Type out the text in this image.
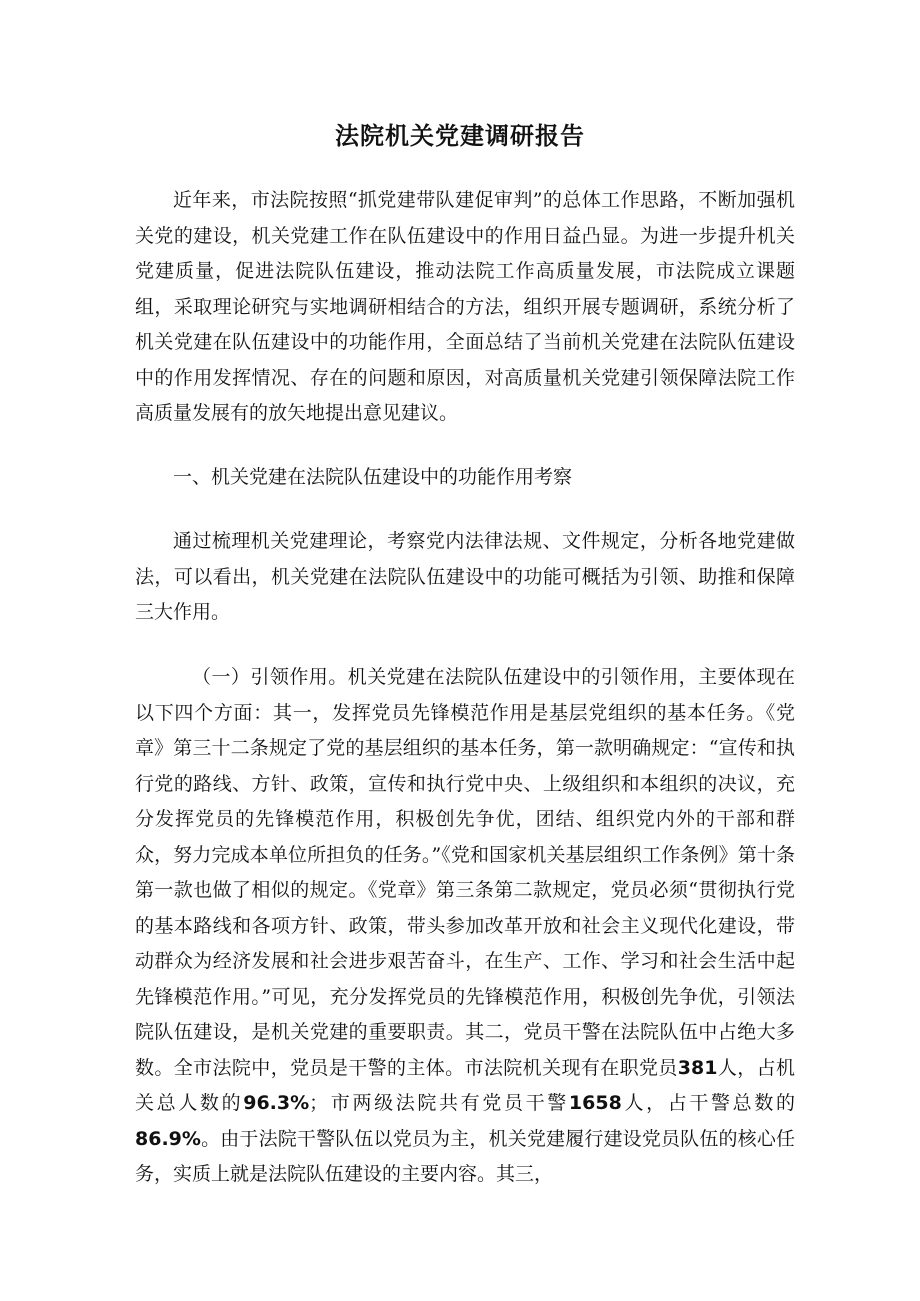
法院机关党建调研报告

近年来，市法院按照“抓党建带队建促审判”的总体工作思路，不断加强机关党的建设，机关党建工作在队伍建设中的作用日益凸显。为进一步提升机关党建质量，促进法院队伍建设，推动法院工作高质量发展，市法院成立课题组，采取理论研究与实地调研相结合的方法，组织开展专题调研，系统分析了机关党建在队伍建设中的功能作用，全面总结了当前机关党建在法院队伍建设中的作用发挥情况、存在的问题和原因，对高质量机关党建引领保障法院工作高质量发展有的放矢地提出意见建议。

一、机关党建在法院队伍建设中的功能作用考察

通过梳理机关党建理论，考察党内法律法规、文件规定，分析各地党建做法，可以看出，机关党建在法院队伍建设中的功能可概括为引领、助推和保障三大作用。

（一）引领作用。机关党建在法院队伍建设中的引领作用，主要体现在以下四个方面：其一，发挥党员先锋模范作用是基层党组织的基本任务。《党章》第三十二条规定了党的基层组织的基本任务，第一款明确规定：“宣传和执行党的路线、方针、政策，宣传和执行党中央、上级组织和本组织的决议，充分发挥党员的先锋模范作用，积极创先争优，团结、组织党内外的干部和群众，努力完成本单位所担负的任务。”《党和国家机关基层组织工作条例》第十条第一款也做了相似的规定。《党章》第三条第二款规定，党员必须“贯彻执行党的基本路线和各项方针、政策，带头参加改革开放和社会主义现代化建设，带动群众为经济发展和社会进步艰苦奋斗，在生产、工作、学习和社会生活中起先锋模范作用。”可见，充分发挥党员的先锋模范作用，积极创先争优，引领法院队伍建设，是机关党建的重要职责。其二，党员干警在法院队伍中占绝大多数。全市法院中，党员是干警的主体。市法院机关现有在职党员381人，占机关总人数的96.3%；市两级法院共有党员干警1658人，占干警总数的86.9%。由于法院干警队伍以党员为主，机关党建履行建设党员队伍的核心任务，实质上就是法院队伍建设的主要内容。其三，
